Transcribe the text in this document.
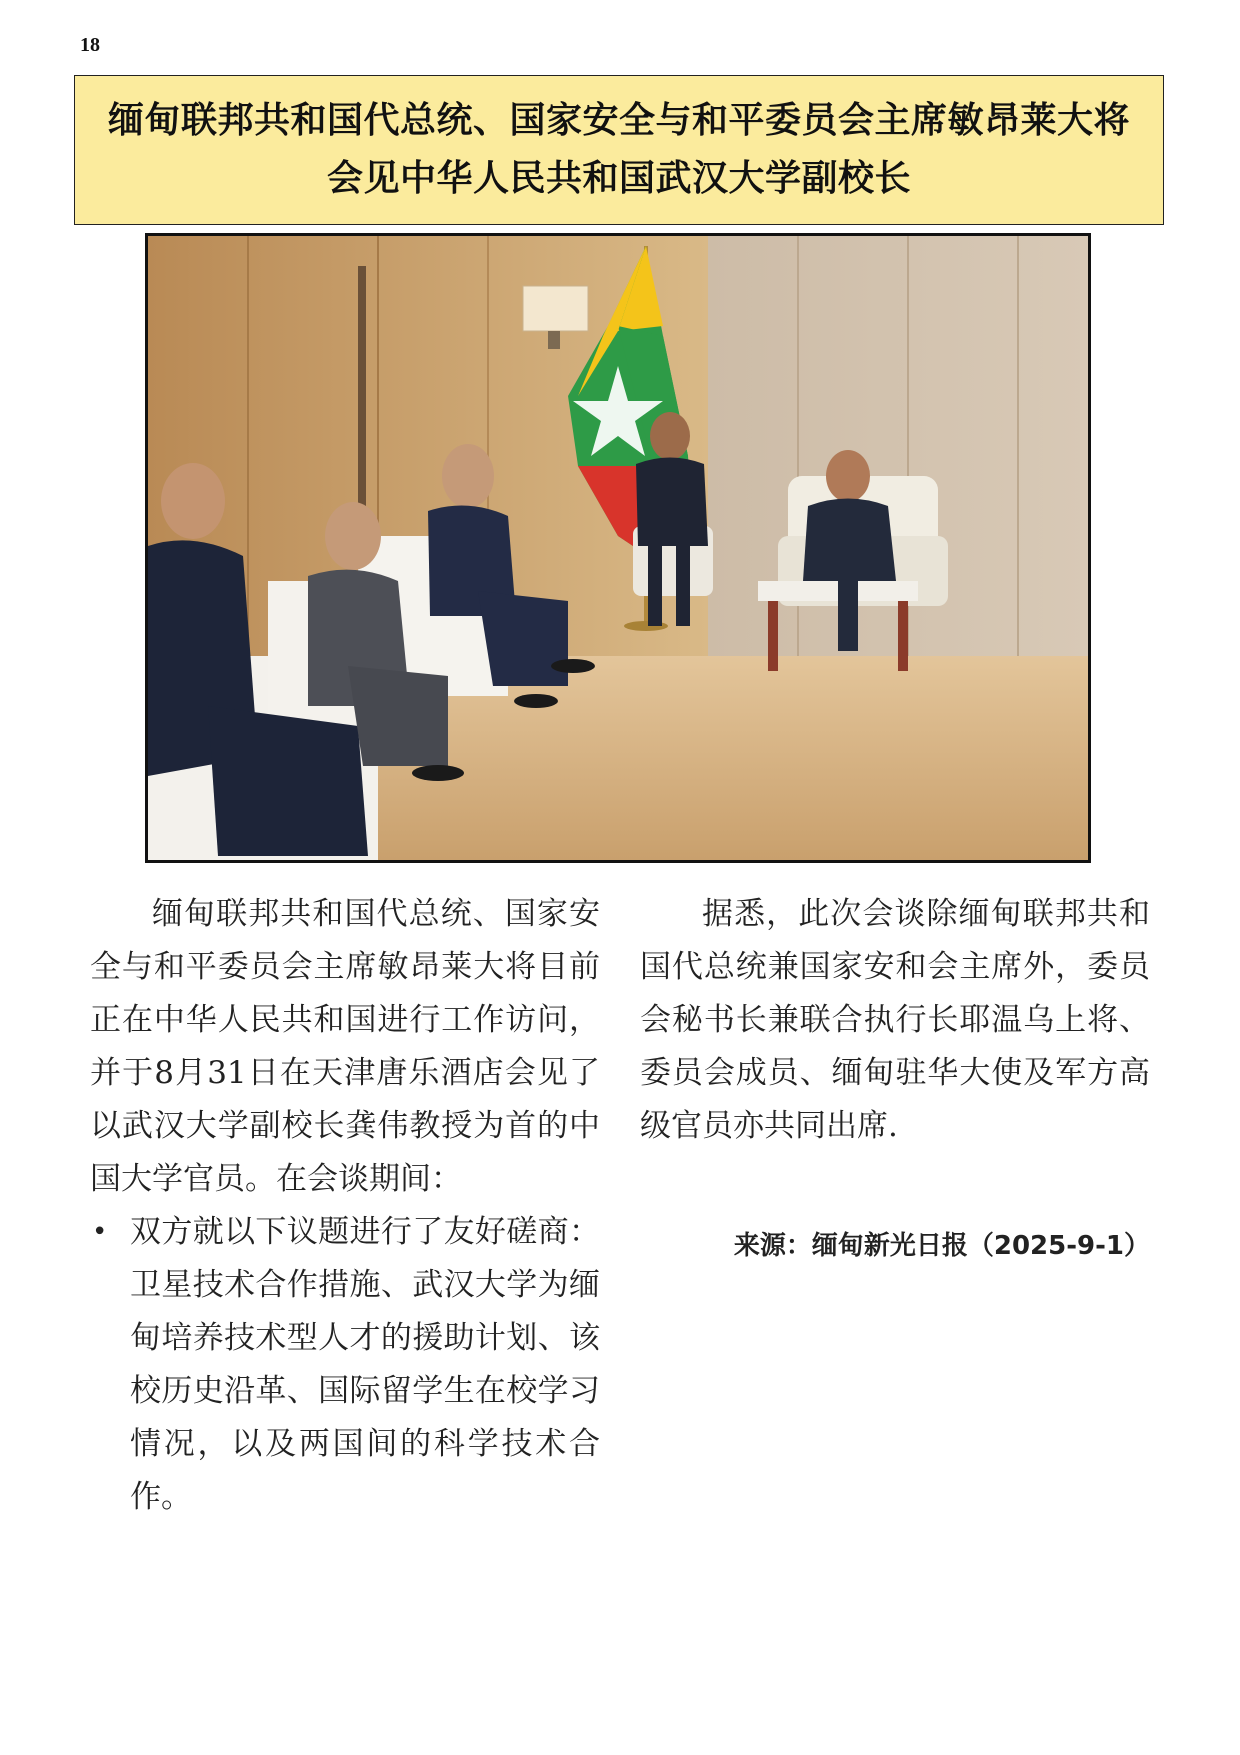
18
缅甸联邦共和国代总统、国家安全与和平委员会主席敏昂莱大将
会见中华人民共和国武汉大学副校长

缅甸联邦共和国代总统、国家安全与和平委员会主席敏昂莱大将目前正在中华人民共和国进行工作访问，并于8月31日在天津唐乐酒店会见了以武汉大学副校长龚伟教授为首的中国大学官员。在会谈期间：

• 双方就以下议题进行了友好磋商：卫星技术合作措施、武汉大学为缅甸培养技术型人才的援助计划、该校历史沿革、国际留学生在校学习情况，以及两国间的科学技术合作。

据悉，此次会谈除缅甸联邦共和国代总统兼国家安和会主席外，委员会秘书长兼联合执行长耶温乌上将、委员会成员、缅甸驻华大使及军方高级官员亦共同出席.

来源：缅甸新光日报（2025-9-1）
